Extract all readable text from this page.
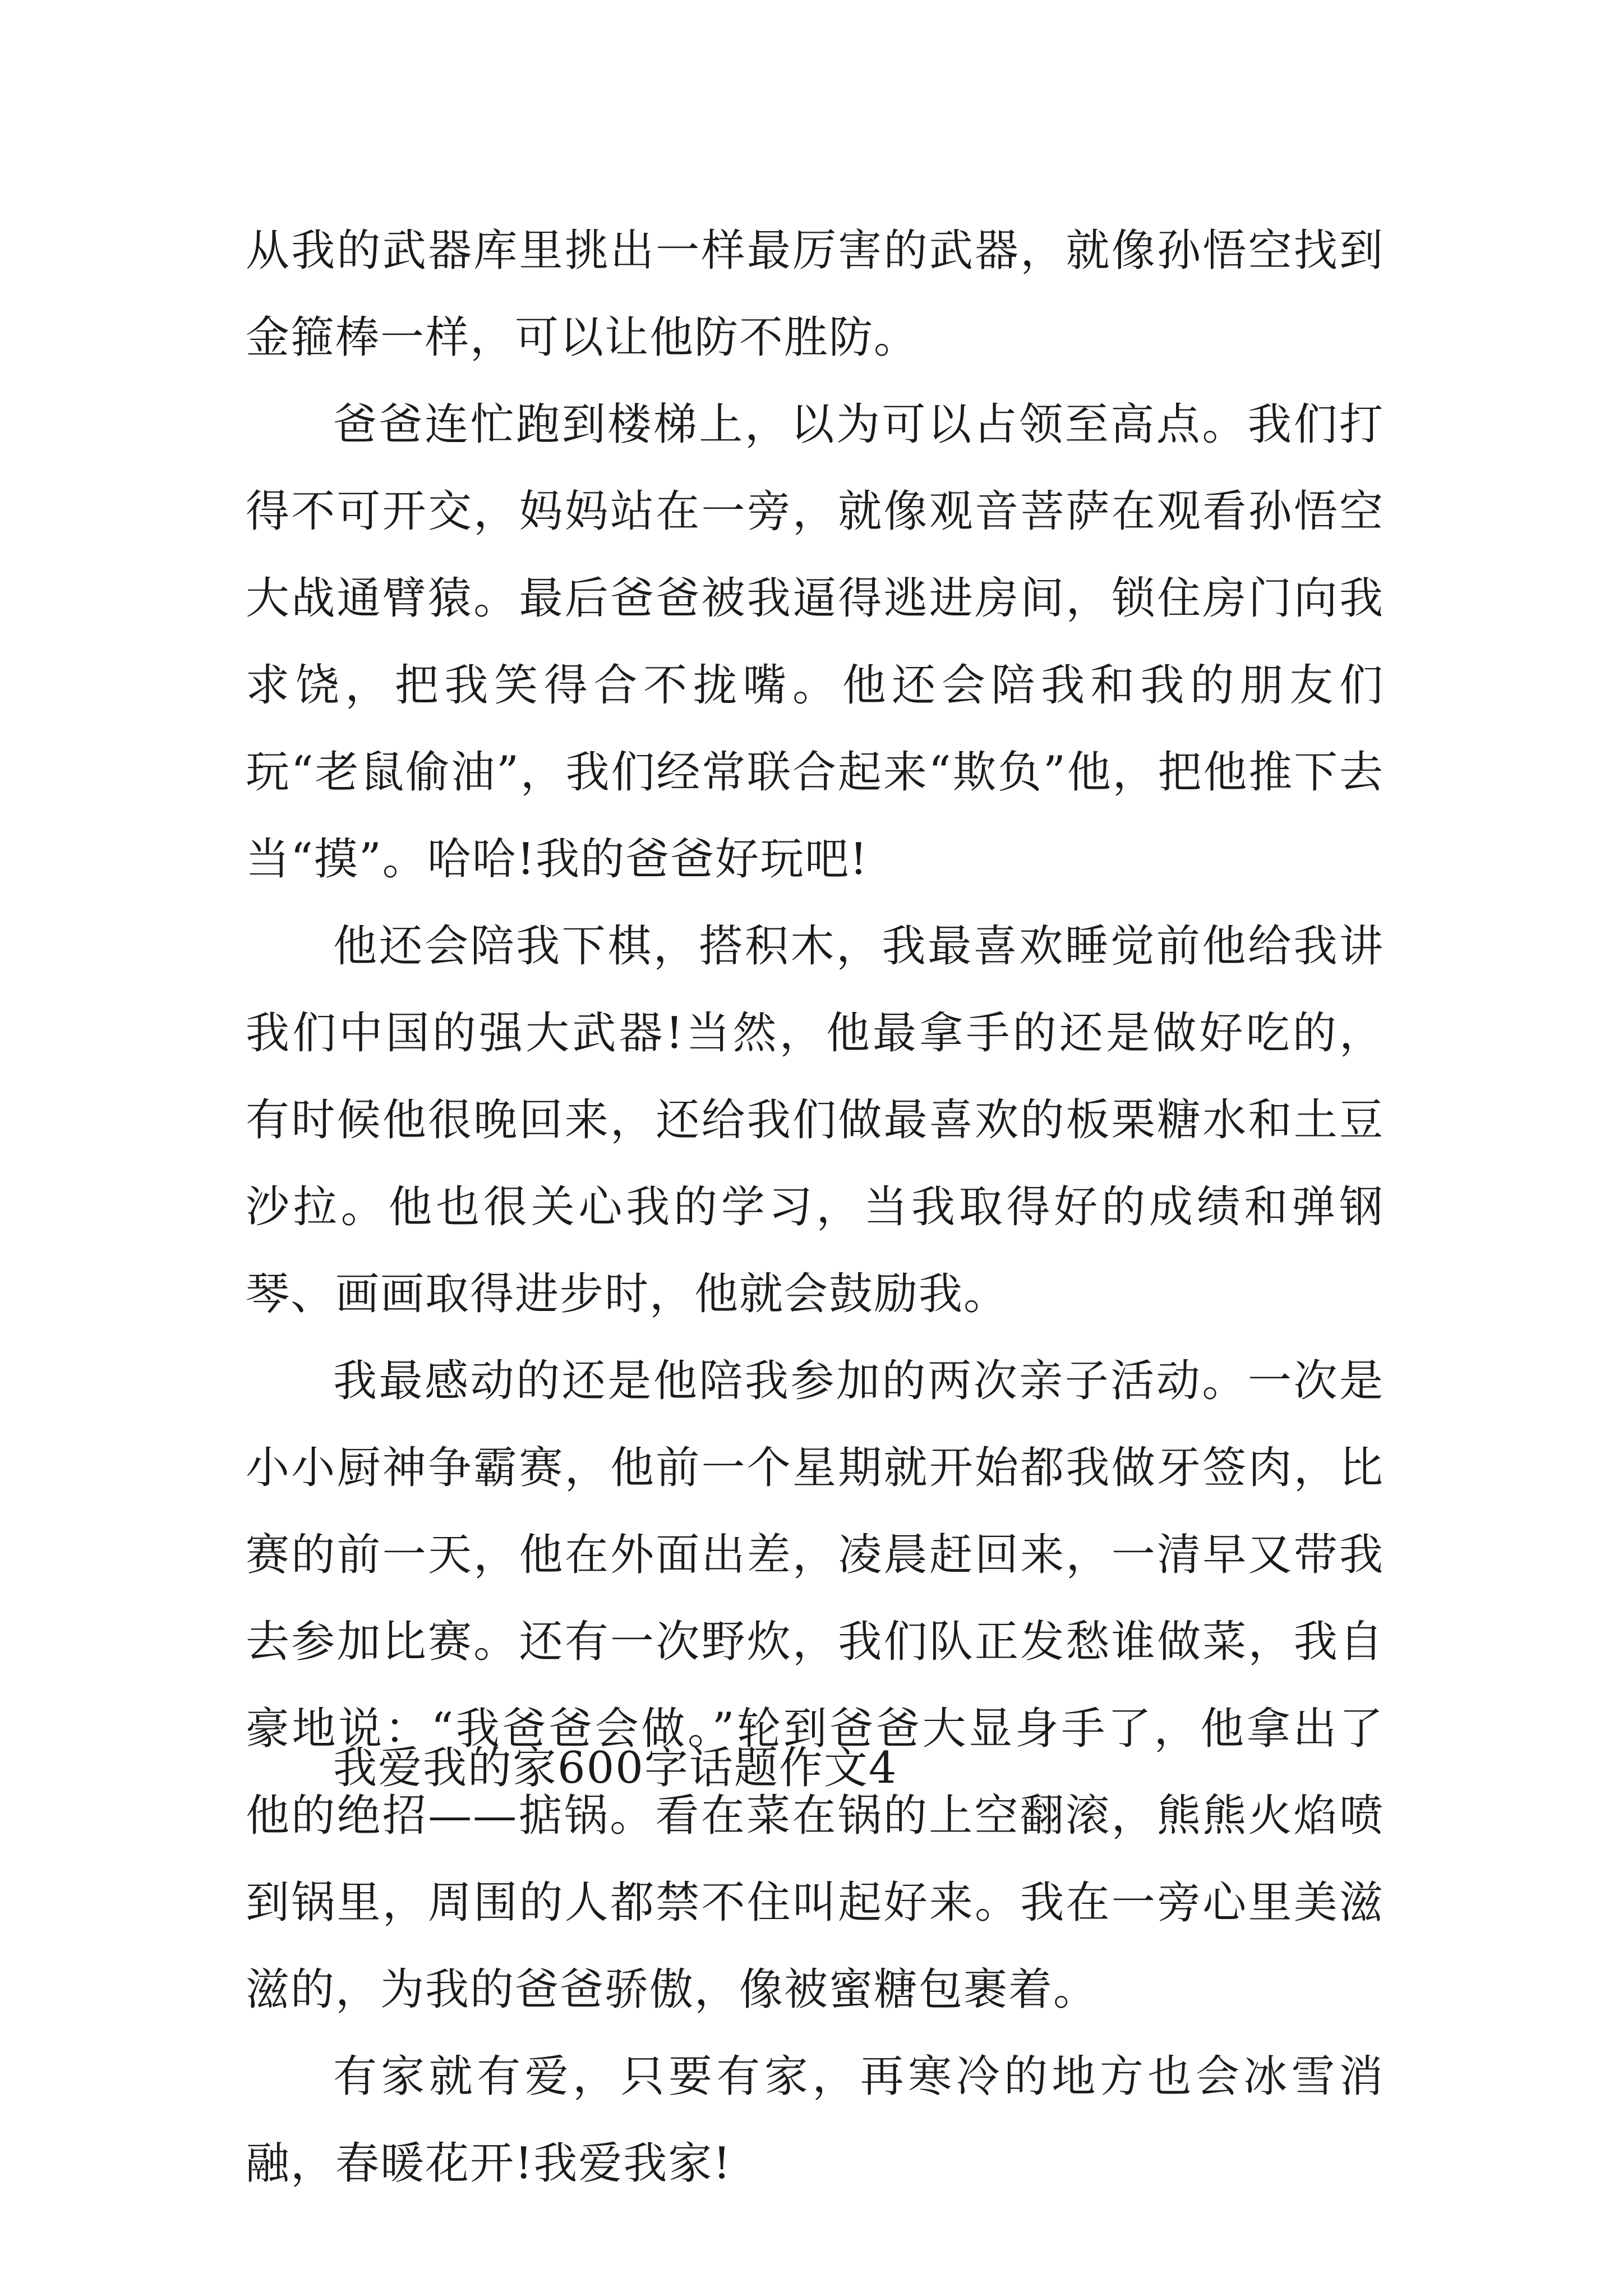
从我的武器库里挑出一样最厉害的武器，就像孙悟空找到金箍棒一样，可以让他防不胜防。

爸爸连忙跑到楼梯上，以为可以占领至高点。我们打得不可开交，妈妈站在一旁，就像观音菩萨在观看孙悟空大战通臂猿。最后爸爸被我逼得逃进房间，锁住房门向我求饶，把我笑得合不拢嘴。他还会陪我和我的朋友们玩“老鼠偷油”，我们经常联合起来“欺负”他，把他推下去当“摸”。哈哈!我的爸爸好玩吧!

他还会陪我下棋，搭积木，我最喜欢睡觉前他给我讲我们中国的强大武器!当然，他最拿手的还是做好吃的，有时候他很晚回来，还给我们做最喜欢的板栗糖水和土豆沙拉。他也很关心我的学习，当我取得好的成绩和弹钢琴、画画取得进步时，他就会鼓励我。

我最感动的还是他陪我参加的两次亲子活动。一次是小小厨神争霸赛，他前一个星期就开始都我做牙签肉，比赛的前一天，他在外面出差，凌晨赶回来，一清早又带我去参加比赛。还有一次野炊，我们队正发愁谁做菜，我自豪地说：“我爸爸会做。”轮到爸爸大显身手了，他拿出了他的绝招——掂锅。看在菜在锅的上空翻滚，熊熊火焰喷到锅里，周围的人都禁不住叫起好来。我在一旁心里美滋滋的，为我的爸爸骄傲，像被蜜糖包裹着。

有家就有爱，只要有家，再寒冷的地方也会冰雪消融，春暖花开!我爱我家!

我爱我的家600字话题作文4
